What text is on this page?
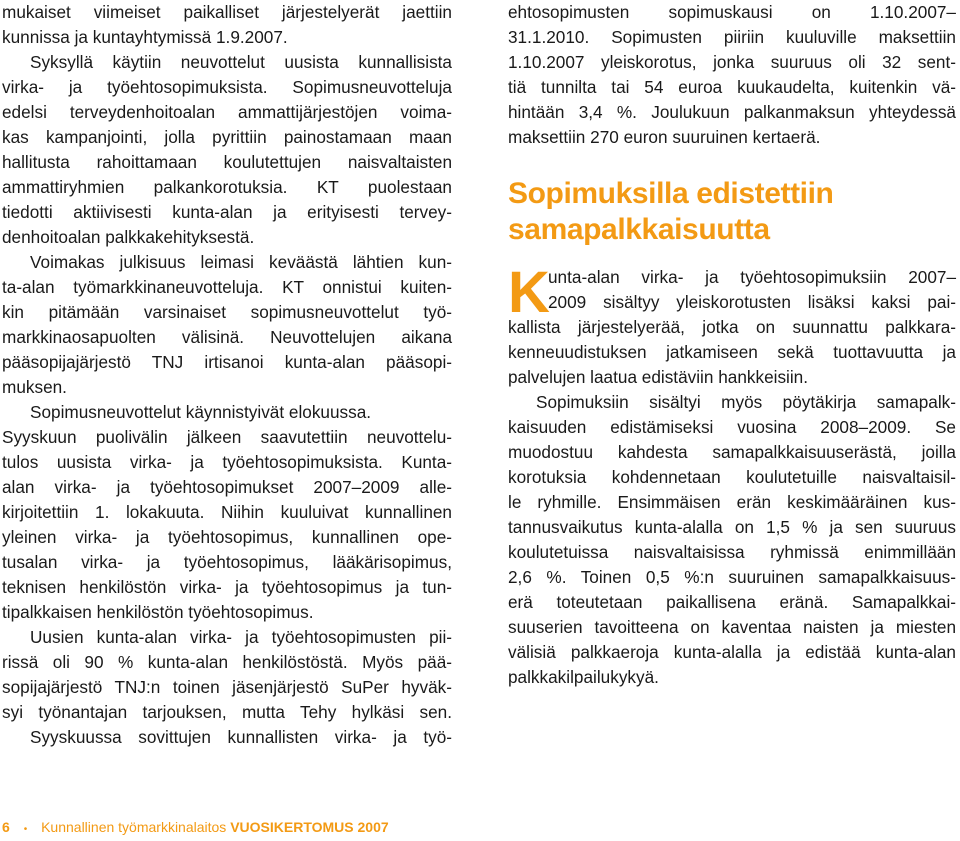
mukaiset viimeiset paikalliset järjestelyerät jaettiin
kunnissa ja kuntayhtymissä 1.9.2007.
Syksyllä käytiin neuvottelut uusista kunnallisista
virka- ja työehtosopimuksista. Sopimusneuvotteluja
edelsi terveydenhoitoalan ammattijärjestöjen voima-
kas kampanjointi, jolla pyrittiin painostamaan maan
hallitusta rahoittamaan koulutettujen naisvaltaisten
ammattiryhmien palkankorotuksia. KT puolestaan
tiedotti aktiivisesti kunta-alan ja erityisesti tervey-
denhoitoalan palkkakehityksestä.
Voimakas julkisuus leimasi keväästä lähtien kun-
ta-alan työmarkkinaneuvotteluja. KT onnistui kuiten-
kin pitämään varsinaiset sopimusneuvottelut työ-
markkinaosapuolten välisinä. Neuvottelujen aikana
pääsopijajärjestö TNJ irtisanoi kunta-alan pääsopi-
muksen.
Sopimusneuvottelut käynnistyivät elokuussa.
Syyskuun puolivälin jälkeen saavutettiin neuvottelu-
tulos uusista virka- ja työehtosopimuksista. Kunta-
alan virka- ja työehtosopimukset 2007–2009 alle-
kirjoitettiin 1. lokakuuta. Niihin kuuluivat kunnallinen
yleinen virka- ja työehtosopimus, kunnallinen ope-
tusalan virka- ja työehtosopimus, lääkärisopimus,
teknisen henkilöstön virka- ja työehtosopimus ja tun-
tipalkkaisen henkilöstön työehtosopimus.
Uusien kunta-alan virka- ja työehtosopimusten pii-
rissä oli 90 % kunta-alan henkilöstöstä. Myös pää-
sopijajärjestö TNJ:n toinen jäsenjärjestö SuPer hyväk-
syi työnantajan tarjouksen, mutta Tehy hylkäsi sen.
Syyskuussa sovittujen kunnallisten virka- ja työ-
ehtosopimusten sopimuskausi on 1.10.2007–
31.1.2010. Sopimusten piiriin kuuluville maksettiin
1.10.2007 yleiskorotus, jonka suuruus oli 32 sent-
tiä tunnilta tai 54 euroa kuukaudelta, kuitenkin vä-
hintään 3,4 %. Joulukuun palkanmaksun yhteydessä
maksettiin 270 euron suuruinen kertaerä.
Sopimuksilla edistettiin
samapalkkaisuutta
K
unta-alan virka- ja työehtosopimuksiin 2007–
2009 sisältyy yleiskorotusten lisäksi kaksi pai-
kallista järjestelyerää, jotka on suunnattu palkkara-
kenneuudistuksen jatkamiseen sekä tuottavuutta ja
palvelujen laatua edistäviin hankkeisiin.
Sopimuksiin sisältyi myös pöytäkirja samapalk-
kaisuuden edistämiseksi vuosina 2008–2009. Se
muodostuu kahdesta samapalkkaisuuserästä, joilla
korotuksia kohdennetaan koulutetuille naisvaltaisil-
le ryhmille. Ensimmäisen erän keskimääräinen kus-
tannusvaikutus kunta-alalla on 1,5 % ja sen suuruus
koulutetuissa naisvaltaisissa ryhmissä enimmillään
2,6 %. Toinen 0,5 %:n suuruinen samapalkkaisuus-
erä toteutetaan paikallisena eränä. Samapalkkai-
suuserien tavoitteena on kaventaa naisten ja miesten
välisiä palkkaeroja kunta-alalla ja edistää kunta-alan
palkkakilpailukykyä.
6 • Kunnallinen työmarkkinalaitos VUOSIKERTOMUS 2007
